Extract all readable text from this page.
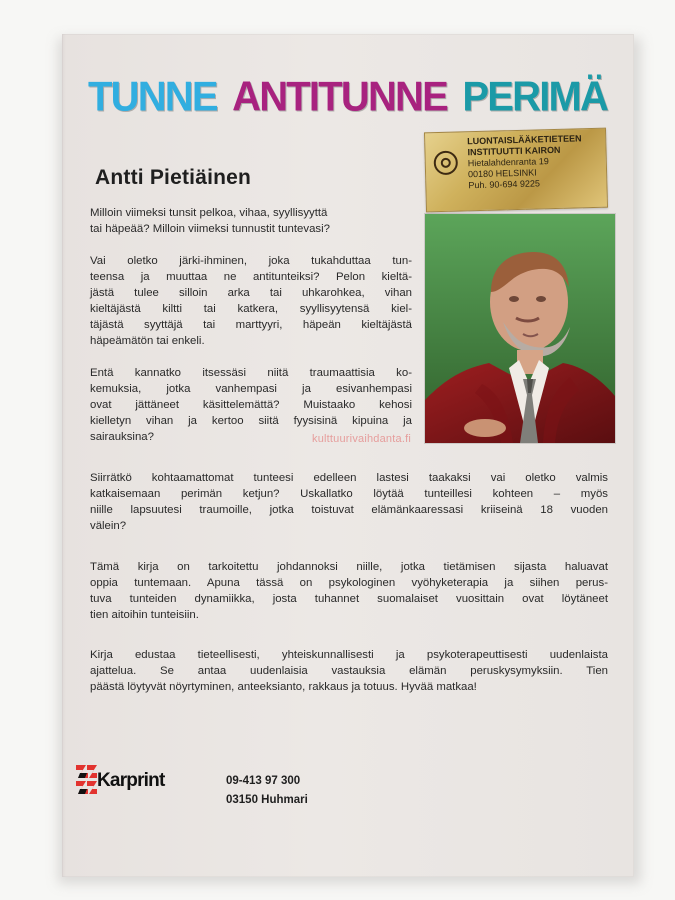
TUNNE ANTITUNNE PERIMÄ
Antti Pietiäinen
LUONTAISLÄÄKETIETEEN
INSTITUUTTI KAIRON
Hietalahdenranta 19
00180 HELSINKI
Puh. 90-694 9225
Milloin viimeksi tunsit pelkoa, vihaa, syyllisyyttä
tai häpeää? Milloin viimeksi tunnustit tuntevasi?
Vai oletko järki-ihminen, joka tukahduttaa tun-
teensa ja muuttaa ne antitunteiksi? Pelon kieltä-
jästä tulee silloin arka tai uhkarohkea, vihan
kieltäjästä kiltti tai katkera, syyllisyytensä kiel-
täjästä syyttäjä tai marttyyri, häpeän kieltäjästä
häpeämätön tai enkeli.
Entä kannatko itsessäsi niitä traumaattisia ko-
kemuksia, jotka vanhempasi ja esivanhempasi
ovat jättäneet käsittelemättä? Muistaako kehosi
kielletyn vihan ja kertoo siitä fyysisinä kipuina ja
sairauksina?
Siirrätkö kohtaamattomat tunteesi edelleen lastesi taakaksi vai oletko valmis
katkaisemaan perimän ketjun? Uskallatko löytää tunteillesi kohteen – myös
niille lapsuutesi traumoille, jotka toistuvat elämänkaaressasi kriiseinä 18 vuoden
välein?
Tämä kirja on tarkoitettu johdannoksi niille, jotka tietämisen sijasta haluavat
oppia tuntemaan. Apuna tässä on psykologinen vyöhyketerapia ja siihen perus-
tuva tunteiden dynamiikka, josta tuhannet suomalaiset vuosittain ovat löytäneet
tien aitoihin tunteisiin.
Kirja edustaa tieteellisesti, yhteiskunnallisesti ja psykoterapeuttisesti uudenlaista
ajattelua. Se antaa uudenlaisia vastauksia elämän peruskysymyksiin. Tien
päästä löytyvät nöyrtyminen, anteeksianto, rakkaus ja totuus. Hyvää matkaa!
kulttuurivaihdanta.fi
Karprint	09-413 97 300
03150 Huhmari
